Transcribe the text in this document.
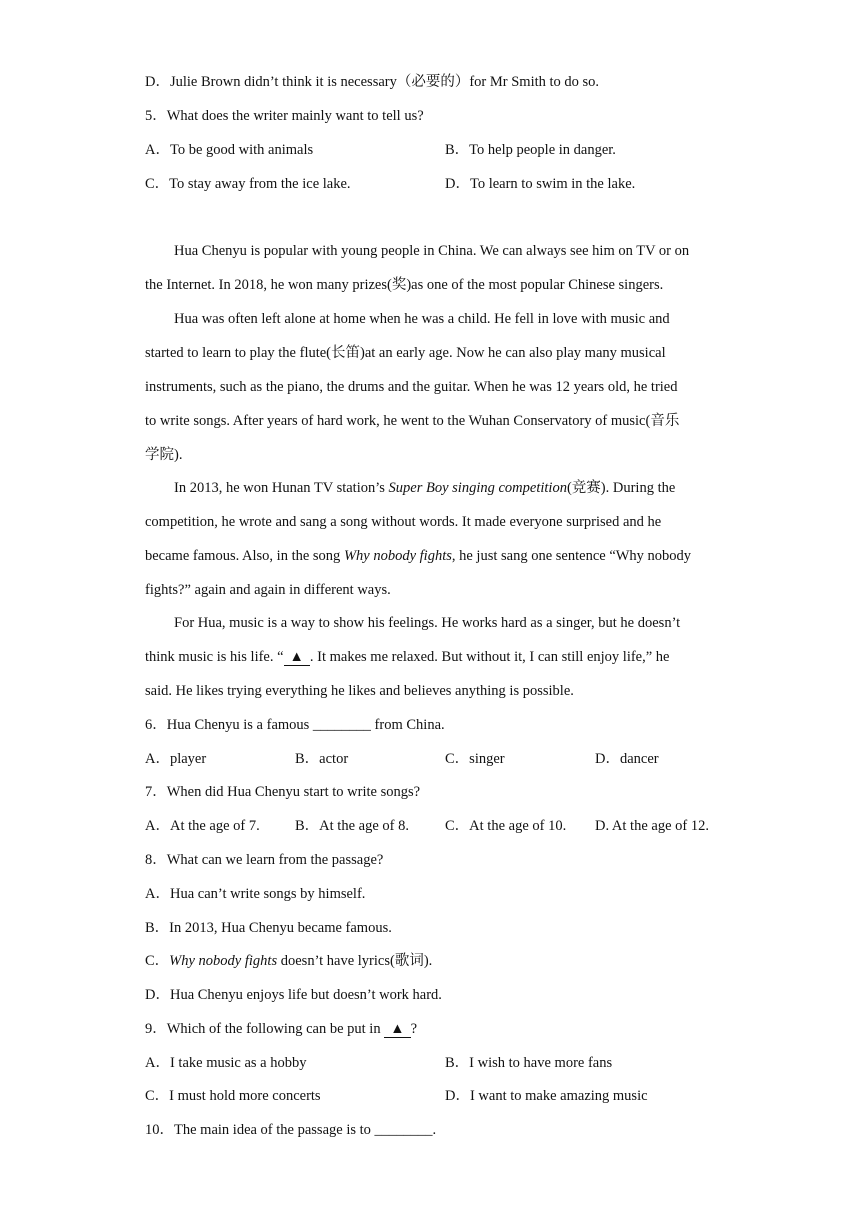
D．Julie Brown didn’t think it is necessary（必要的）for Mr Smith to do so.
5．What does the writer mainly want to tell us?
A．To be good with animals	B．To help people in danger.
C．To stay away from the ice lake.	D．To learn to swim in the lake.
Hua Chenyu is popular with young people in China. We can always see him on TV or on
the Internet. In 2018, he won many prizes(奖)as one of the most popular Chinese singers.
Hua was often left alone at home when he was a child. He fell in love with music and
started to learn to play the flute(长笛)at an early age. Now he can also play many musical
instruments, such as the piano, the drums and the guitar. When he was 12 years old, he tried
to write songs. After years of hard work, he went to the Wuhan Conservatory of music(音乐
学院).
In 2013, he won Hunan TV station’s Super Boy singing competition(竞赛). During the
competition, he wrote and sang a song without words. It made everyone surprised and he
became famous. Also, in the song Why nobody fights, he just sang one sentence “Why nobody
fights?” again and again in different ways.
For Hua, music is a way to show his feelings. He works hard as a singer, but he doesn’t
think music is his life. “ ▲ . It makes me relaxed. But without it, I can still enjoy life,” he
said. He likes trying everything he likes and believes anything is possible.
6．Hua Chenyu is a famous ________ from China.
A．player	B．actor	C．singer	D．dancer
7．When did Hua Chenyu start to write songs?
A．At the age of 7. B．At the age of 8. C．At the age of 10. D. At the age of 12.
8．What can we learn from the passage?
A．Hua can’t write songs by himself.
B．In 2013, Hua Chenyu became famous.
C．Why nobody fights doesn’t have lyrics(歌词).
D．Hua Chenyu enjoys life but doesn’t work hard.
9．Which of the following can be put in ▲ ?
A．I take music as a hobby	B．I wish to have more fans
C．I must hold more concerts	D．I want to make amazing music
10．The main idea of the passage is to ________.
